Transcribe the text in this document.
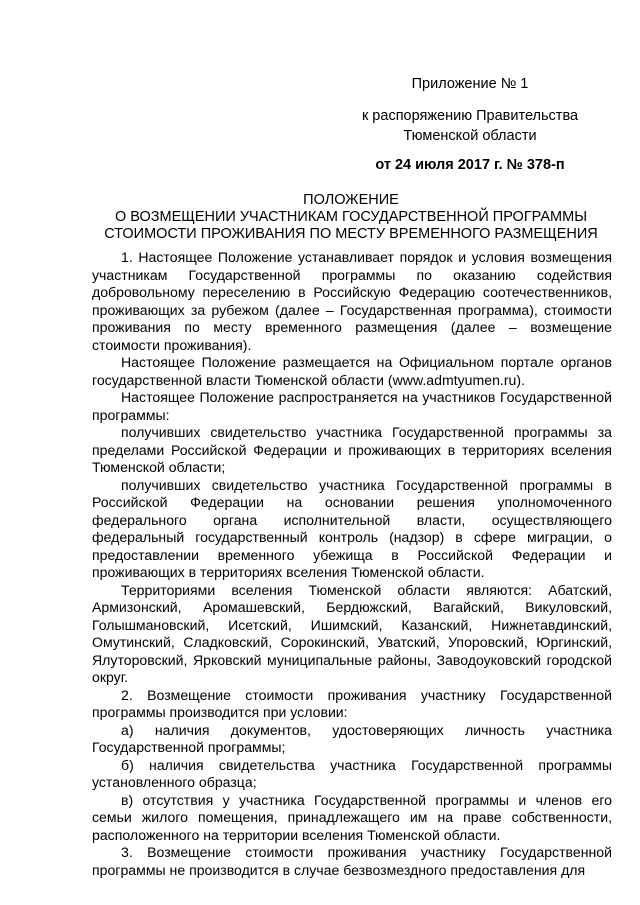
Приложение № 1
к распоряжению Правительства
Тюменской области
от 24 июля 2017 г. № 378-п
ПОЛОЖЕНИЕ
О ВОЗМЕЩЕНИИ УЧАСТНИКАМ ГОСУДАРСТВЕННОЙ ПРОГРАММЫ
СТОИМОСТИ ПРОЖИВАНИЯ ПО МЕСТУ ВРЕМЕННОГО РАЗМЕЩЕНИЯ

1. Настоящее Положение устанавливает порядок и условия возмещения участникам Государственной программы по оказанию содействия добровольному переселению в Российскую Федерацию соотечественников, проживающих за рубежом (далее – Государственная программа), стоимости проживания по месту временного размещения (далее – возмещение стоимости проживания).

Настоящее Положение размещается на Официальном портале органов государственной власти Тюменской области (www.admtyumen.ru).

Настоящее Положение распространяется на участников Государственной программы:

получивших свидетельство участника Государственной программы за пределами Российской Федерации и проживающих в территориях вселения Тюменской области;

получивших свидетельство участника Государственной программы в Российской Федерации на основании решения уполномоченного федерального органа исполнительной власти, осуществляющего федеральный государственный контроль (надзор) в сфере миграции, о предоставлении временного убежища в Российской Федерации и проживающих в территориях вселения Тюменской области.

Территориями вселения Тюменской области являются: Абатский, Армизонский, Аромашевский, Бердюжский, Вагайский, Викуловский, Голышмановский, Исетский, Ишимский, Казанский, Нижнетавдинский, Омутинский, Сладковский, Сорокинский, Уватский, Упоровский, Юргинский, Ялуторовский, Ярковский муниципальные районы, Заводоуковский городской округ.

2. Возмещение стоимости проживания участнику Государственной программы производится при условии:

а) наличия документов, удостоверяющих личность участника Государственной программы;

б) наличия свидетельства участника Государственной программы установленного образца;

в) отсутствия у участника Государственной программы и членов его семьи жилого помещения, принадлежащего им на праве собственности, расположенного на территории вселения Тюменской области.

3. Возмещение стоимости проживания участнику Государственной программы не производится в случае безвозмездного предоставления для
